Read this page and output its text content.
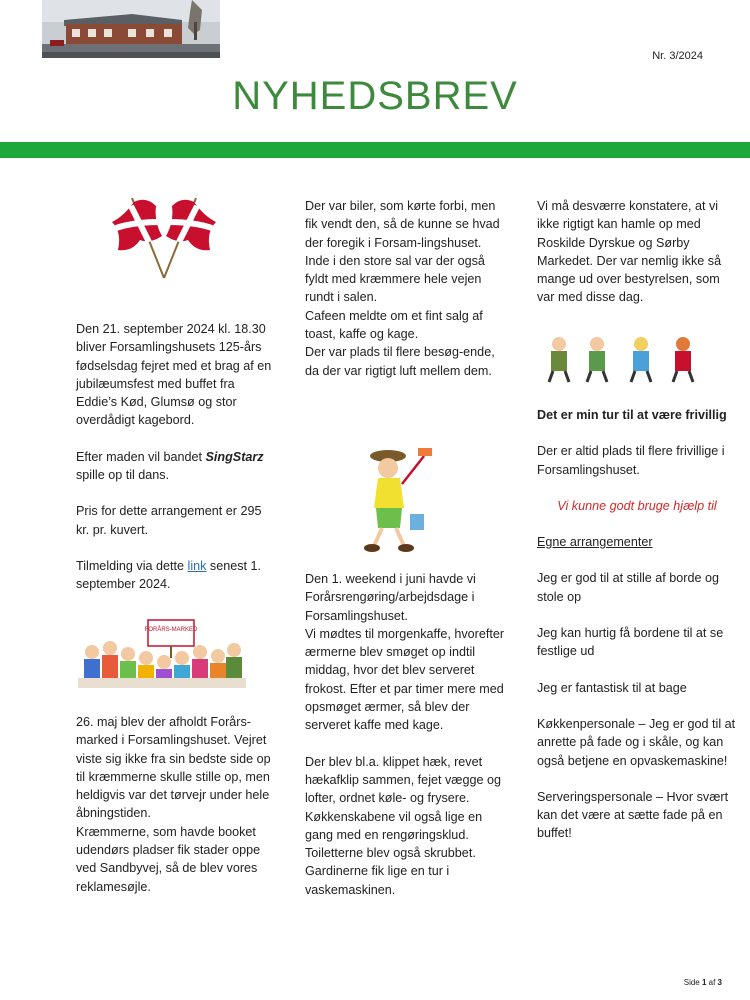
Nr. 3/2024
NYHEDSBREV

Den 21. september 2024 kl. 18.30 bliver Forsamlingshusets 125-års fødselsdag fejret med et brag af en jubilæumsfest med buffet fra Eddie’s Kød, Glumsø og stor overdådigt kagebord.

Efter maden vil bandet SingStarz spille op til dans.

Pris for dette arrangement er 295 kr. pr. kuvert.

Tilmelding via dette link senest 1. september 2024.

FORÅRS-MARKED

26. maj blev der afholdt Forårs-marked i Forsamlingshuset. Vejret viste sig ikke fra sin bedste side op til kræmmerne skulle stille op, men heldigvis var det tørvejr under hele åbningstiden.

Kræmmerne, som havde booket udendørs pladser fik stader oppe ved Sandbyvej, så de blev vores reklamesøjle.

Der var biler, som kørte forbi, men fik vendt den, så de kunne se hvad der foregik i Forsam-lingshuset.

Inde i den store sal var der også fyldt med kræmmere hele vejen rundt i salen.

Cafeen meldte om et fint salg af toast, kaffe og kage.

Der var plads til flere besøg-ende, da der var rigtigt luft mellem dem.

Den 1. weekend i juni havde vi Forårsrengøring/arbejdsdage i Forsamlingshuset.

Vi mødtes til morgenkaffe, hvorefter ærmerne blev smøget op indtil middag, hvor det blev serveret frokost. Efter et par timer mere med opsmøget ærmer, så blev der serveret kaffe med kage.

Der blev bl.a. klippet hæk, revet hækafklip sammen, fejet vægge og lofter, ordnet køle- og frysere. Køkkenskabene vil også lige en gang med en rengøringsklud. Toiletterne blev også skrubbet. Gardinerne fik lige en tur i vaskemaskinen.

Vi må desværre konstatere, at vi ikke rigtigt kan hamle op med Roskilde Dyrskue og Sørby Markedet. Der var nemlig ikke så mange ud over bestyrelsen, som var med disse dag.

Det er min tur til at være frivillig

Der er altid plads til flere frivillige i Forsamlingshuset.

Vi kunne godt bruge hjælp til

Egne arrangementer

Jeg er god til at stille af borde og stole op

Jeg kan hurtig få bordene til at se festlige ud

Jeg er fantastisk til at bage

Køkkenpersonale – Jeg er god til at anrette på fade og i skåle, og kan også betjene en opvaskemaskine!

Serveringspersonale – Hvor svært kan det være at sætte fade på en buffet!

Side 1 af 3
